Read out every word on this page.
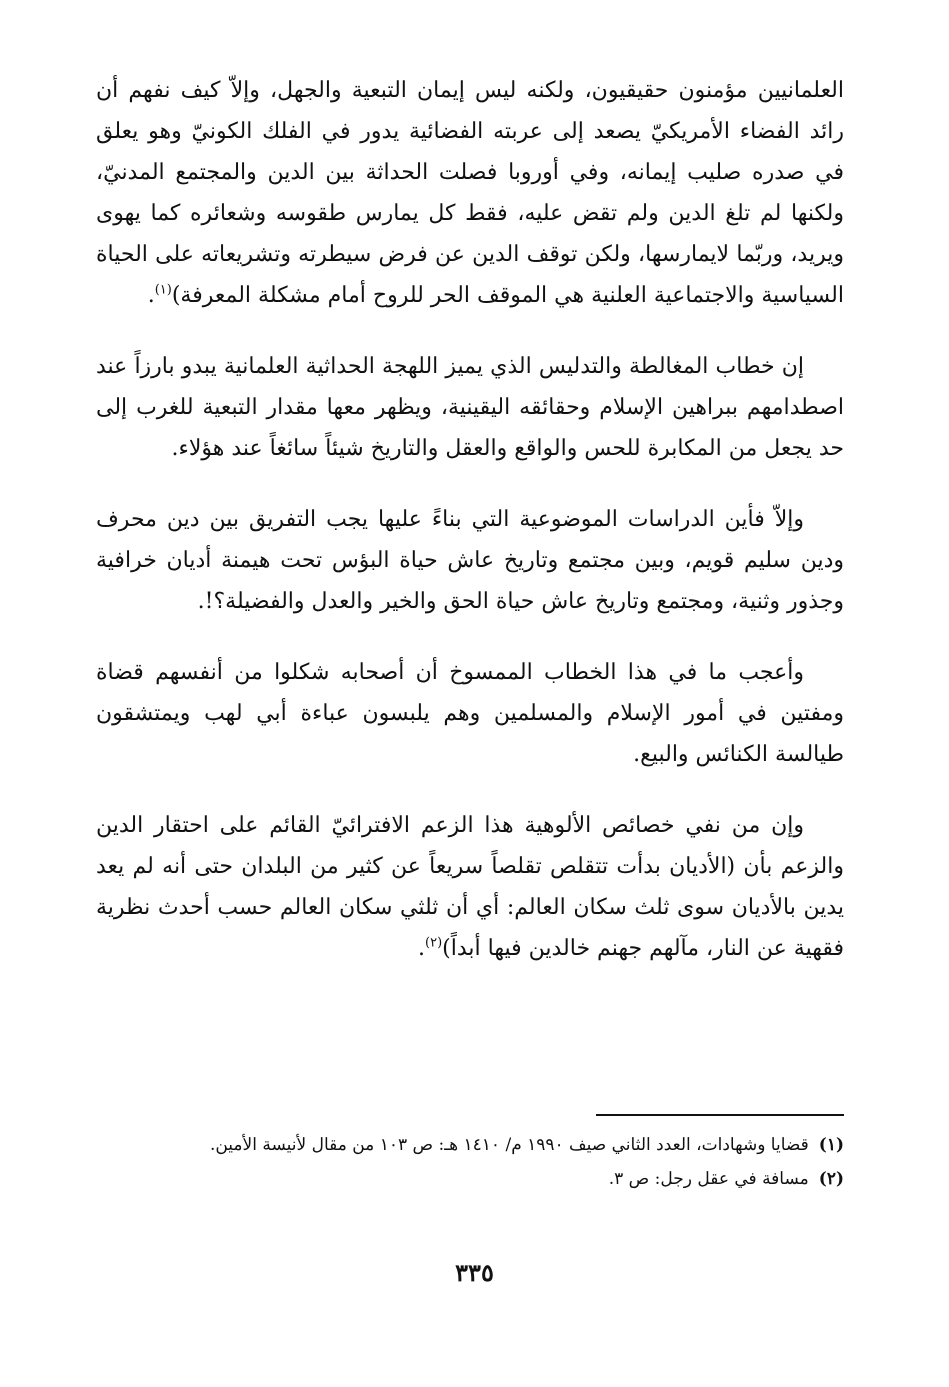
العلمانيين مؤمنون حقيقيون، ولكنه ليس إيمان التبعية والجهل، وإلاّ كيف نفهم أن رائد الفضاء الأمريكيّ يصعد إلى عربته الفضائية يدور في الفلك الكونيّ وهو يعلق في صدره صليب إيمانه، وفي أوروبا فصلت الحداثة بين الدين والمجتمع المدنيّ، ولكنها لم تلغ الدين ولم تقض عليه، فقط كل يمارس طقوسه وشعائره كما يهوى ويريد، وربّما لايمارسها، ولكن توقف الدين عن فرض سيطرته وتشريعاته على الحياة السياسية والاجتماعية العلنية هي الموقف الحر للروح أمام مشكلة المعرفة)$^{(١)}$.

إن خطاب المغالطة والتدليس الذي يميز اللهجة الحداثية العلمانية يبدو بارزاً عند اصطدامهم ببراهين الإسلام وحقائقه اليقينية، ويظهر معها مقدار التبعية للغرب إلى حد يجعل من المكابرة للحس والواقع والعقل والتاريخ شيئاً سائغاً عند هؤلاء.

وإلاّ فأين الدراسات الموضوعية التي بناءً عليها يجب التفريق بين دين محرف ودين سليم قويم، وبين مجتمع وتاريخ عاش حياة البؤس تحت هيمنة أديان خرافية وجذور وثنية، ومجتمع وتاريخ عاش حياة الحق والخير والعدل والفضيلة؟!.

وأعجب ما في هذا الخطاب الممسوخ أن أصحابه شكلوا من أنفسهم قضاة ومفتين في أمور الإسلام والمسلمين وهم يلبسون عباءة أبي لهب ويمتشقون طيالسة الكنائس والبيع.

وإن من نفي خصائص الألوهية هذا الزعم الافترائيّ القائم على احتقار الدين والزعم بأن (الأديان بدأت تتقلص تقلصاً سريعاً عن كثير من البلدان حتى أنه لم يعد يدين بالأديان سوى ثلث سكان العالم: أي أن ثلثي سكان العالم حسب أحدث نظرية فقهية عن النار، مآلهم جهنم خالدين فيها أبداً)$^{(٢)}$.

(١)قضايا وشهادات، العدد الثاني صيف ١٩٩٠ م/ ١٤١٠ هـ: ص ١٠٣ من مقال لأنيسة الأمين.

(٢)مسافة في عقل رجل: ص ٣.

٣٣٥
